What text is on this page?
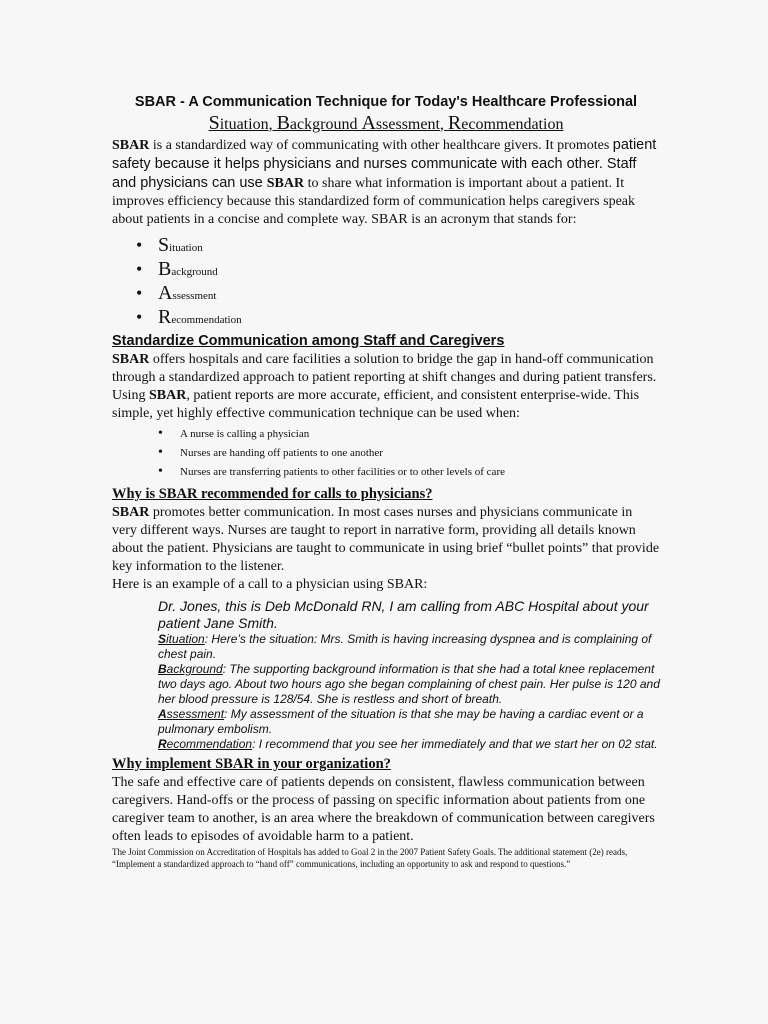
SBAR - A Communication Technique for Today's Healthcare Professional

Situation, Background Assessment, Recommendation

SBAR is a standardized way of communicating with other healthcare givers. It promotes patient safety because it helps physicians and nurses communicate with each other. Staff and physicians can use SBAR to share what information is important about a patient. It improves efficiency because this standardized form of communication helps caregivers speak about patients in a concise and complete way. SBAR is an acronym that stands for:

• Situation
• Background
• Assessment
• Recommendation
Standardize Communication among Staff and Caregivers

SBAR offers hospitals and care facilities a solution to bridge the gap in hand-off communication through a standardized approach to patient reporting at shift changes and during patient transfers.

Using SBAR, patient reports are more accurate, efficient, and consistent enterprise-wide. This simple, yet highly effective communication technique can be used when:

• A nurse is calling a physician
• Nurses are handing off patients to one another
• Nurses are transferring patients to other facilities or to other levels of care
Why is SBAR recommended for calls to physicians?

SBAR promotes better communication. In most cases nurses and physicians communicate in very different ways. Nurses are taught to report in narrative form, providing all details known about the patient. Physicians are taught to communicate in using brief “bullet points” that provide key information to the listener.

Here is an example of a call to a physician using SBAR:

Dr. Jones, this is Deb McDonald RN, I am calling from ABC Hospital about your patient Jane Smith.

Situation: Here’s the situation: Mrs. Smith is having increasing dyspnea and is complaining of chest pain.

Background: The supporting background information is that she had a total knee replacement two days ago. About two hours ago she began complaining of chest pain. Her pulse is 120 and her blood pressure is 128/54. She is restless and short of breath.

Assessment: My assessment of the situation is that she may be having a cardiac event or a pulmonary embolism.

Recommendation: I recommend that you see her immediately and that we start her on 02 stat.

Why implement SBAR in your organization?

The safe and effective care of patients depends on consistent, flawless communication between caregivers. Hand-offs or the process of passing on specific information about patients from one caregiver team to another, is an area where the breakdown of communication between caregivers often leads to episodes of avoidable harm to a patient.

The Joint Commission on Accreditation of Hospitals has added to Goal 2 in the 2007 Patient Safety Goals. The additional statement (2e) reads, “Implement a standardized approach to “hand off” communications, including an opportunity to ask and respond to questions.”
